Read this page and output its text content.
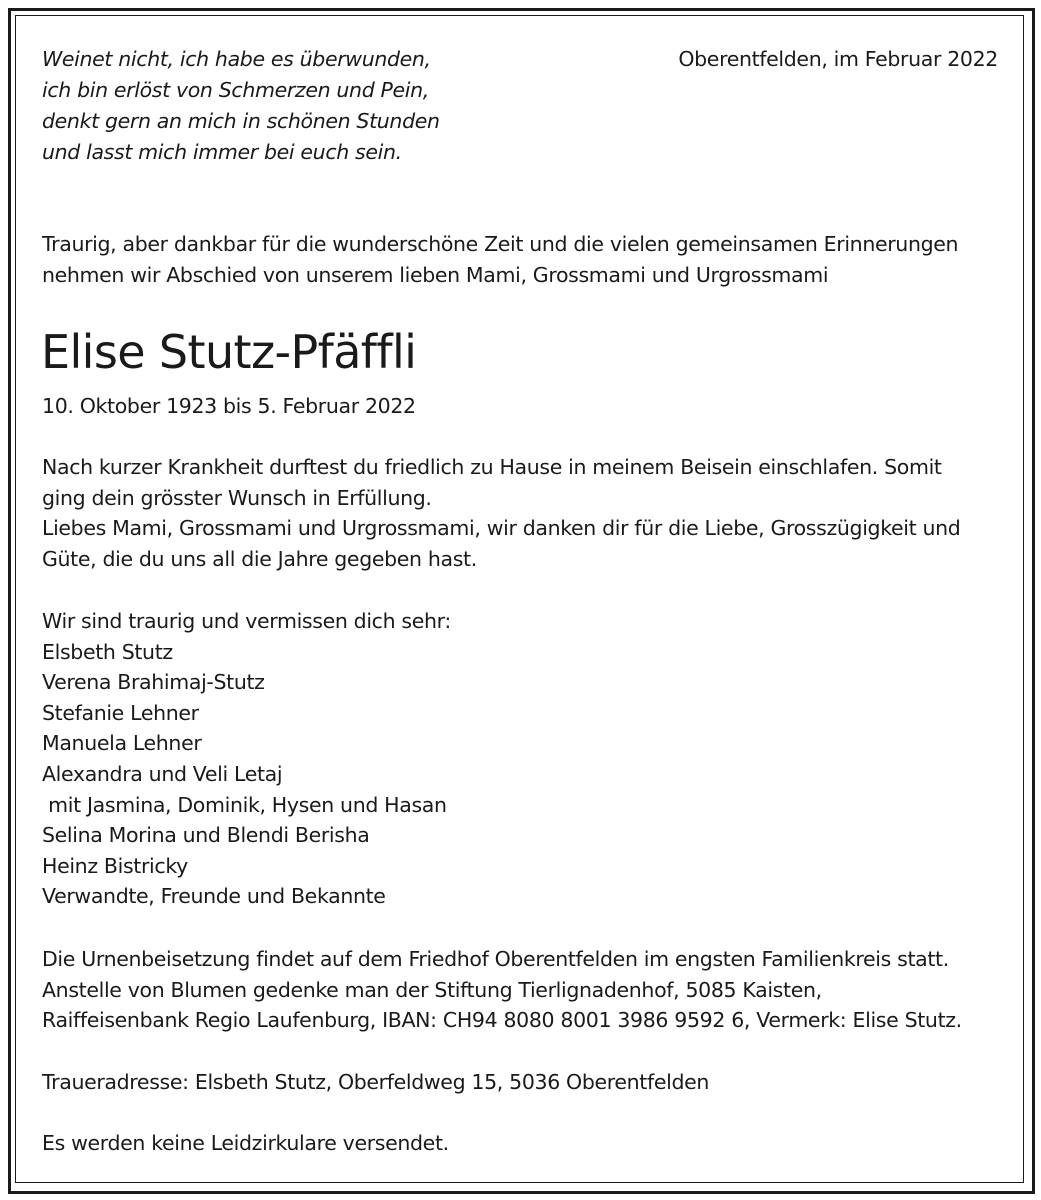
Weinet nicht, ich habe es überwunden,
ich bin erlöst von Schmerzen und Pein,
denkt gern an mich in schönen Stunden
und lasst mich immer bei euch sein.
Oberentfelden, im Februar 2022
Traurig, aber dankbar für die wunderschöne Zeit und die vielen gemeinsamen Erinnerungen
nehmen wir Abschied von unserem lieben Mami, Grossmami und Urgrossmami
Elise Stutz-Pfäffli
10. Oktober 1923 bis 5. Februar 2022
Nach kurzer Krankheit durftest du friedlich zu Hause in meinem Beisein einschlafen. Somit
ging dein grösster Wunsch in Erfüllung.
Liebes Mami, Grossmami und Urgrossmami, wir danken dir für die Liebe, Grosszügigkeit und
Güte, die du uns all die Jahre gegeben hast.
Wir sind traurig und vermissen dich sehr:
Elsbeth Stutz
Verena Brahimaj-Stutz
Stefanie Lehner
Manuela Lehner
Alexandra und Veli Letaj
mit Jasmina, Dominik, Hysen und Hasan
Selina Morina und Blendi Berisha
Heinz Bistricky
Verwandte, Freunde und Bekannte
Die Urnenbeisetzung findet auf dem Friedhof Oberentfelden im engsten Familienkreis statt.
Anstelle von Blumen gedenke man der Stiftung Tierlignadenhof, 5085 Kaisten,
Raiffeisenbank Regio Laufenburg, IBAN: CH94 8080 8001 3986 9592 6, Vermerk: Elise Stutz.
Traueradresse: Elsbeth Stutz, Oberfeldweg 15, 5036 Oberentfelden
Es werden keine Leidzirkulare versendet.
